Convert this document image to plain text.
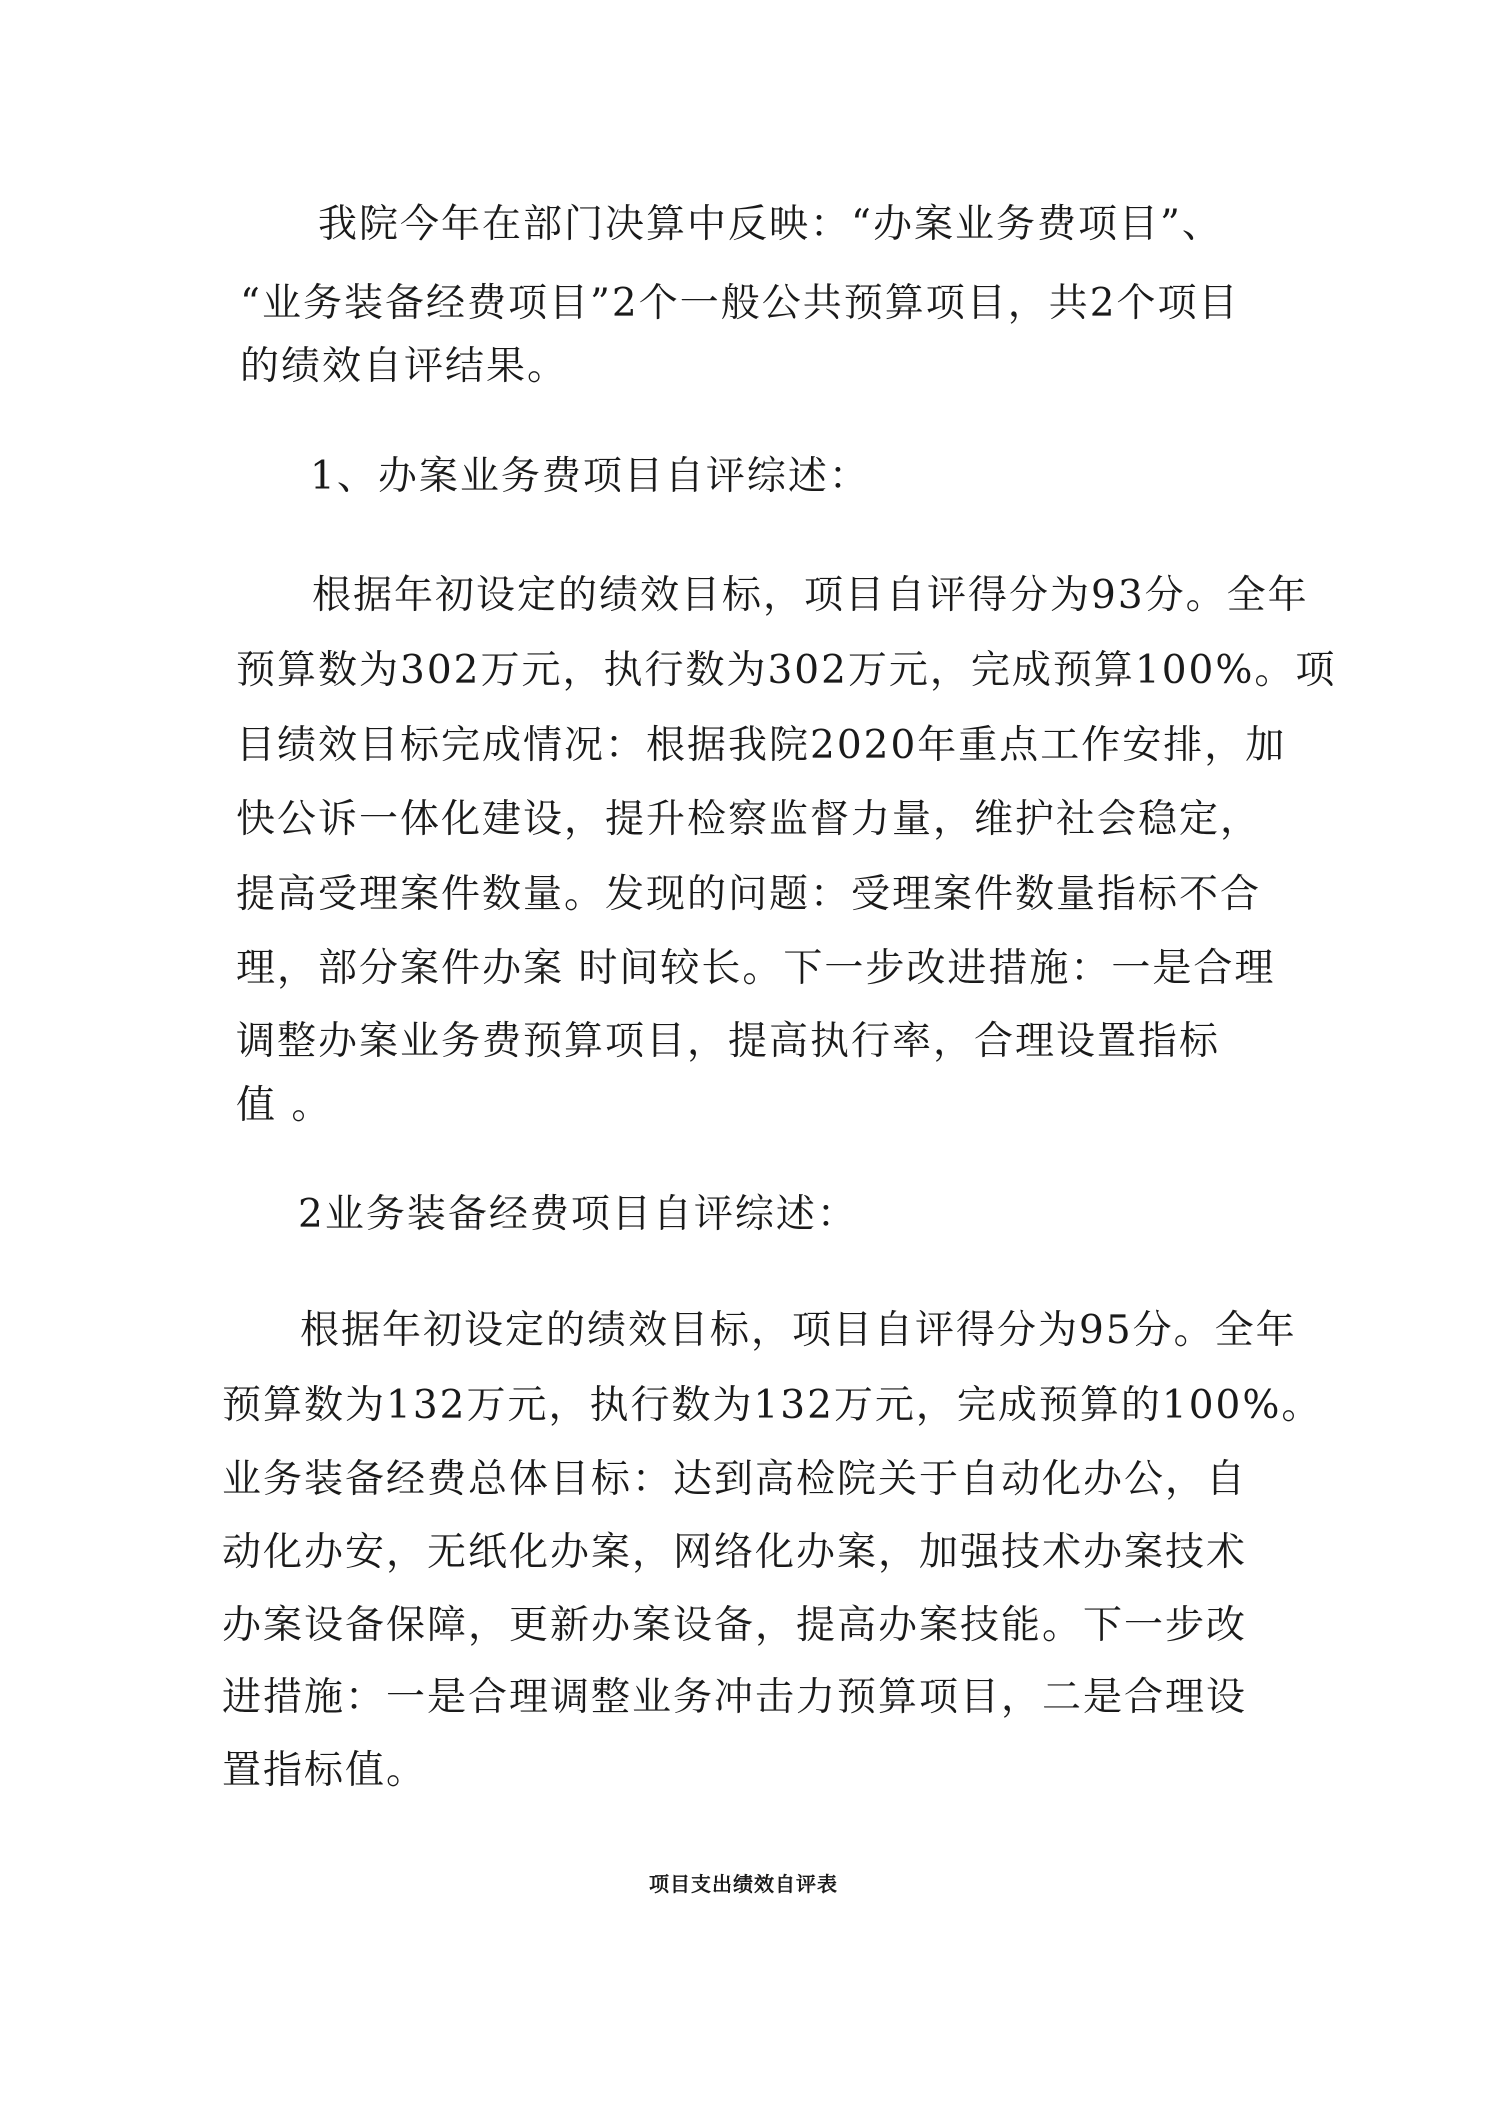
我院今年在部门决算中反映：“办案业务费项目”、
“业务装备经费项目”2个一般公共预算项目，共2个项目
的绩效自评结果。
1、办案业务费项目自评综述：
根据年初设定的绩效目标，项目自评得分为93分。全年
预算数为302万元，执行数为302万元，完成预算100%。项
目绩效目标完成情况：根据我院2020年重点工作安排，加
快公诉一体化建设，提升检察监督力量，维护社会稳定，
提高受理案件数量。发现的问题：受理案件数量指标不合
理，部分案件办案 时间较长。下一步改进措施：一是合理
调整办案业务费预算项目，提高执行率，合理设置指标
值 。
2业务装备经费项目自评综述：
根据年初设定的绩效目标，项目自评得分为95分。全年
预算数为132万元，执行数为132万元，完成预算的100%。
业务装备经费总体目标：达到高检院关于自动化办公，自
动化办安，无纸化办案，网络化办案，加强技术办案技术
办案设备保障，更新办案设备，提高办案技能。下一步改
进措施：一是合理调整业务冲击力预算项目，二是合理设
置指标值。
项目支出绩效自评表
